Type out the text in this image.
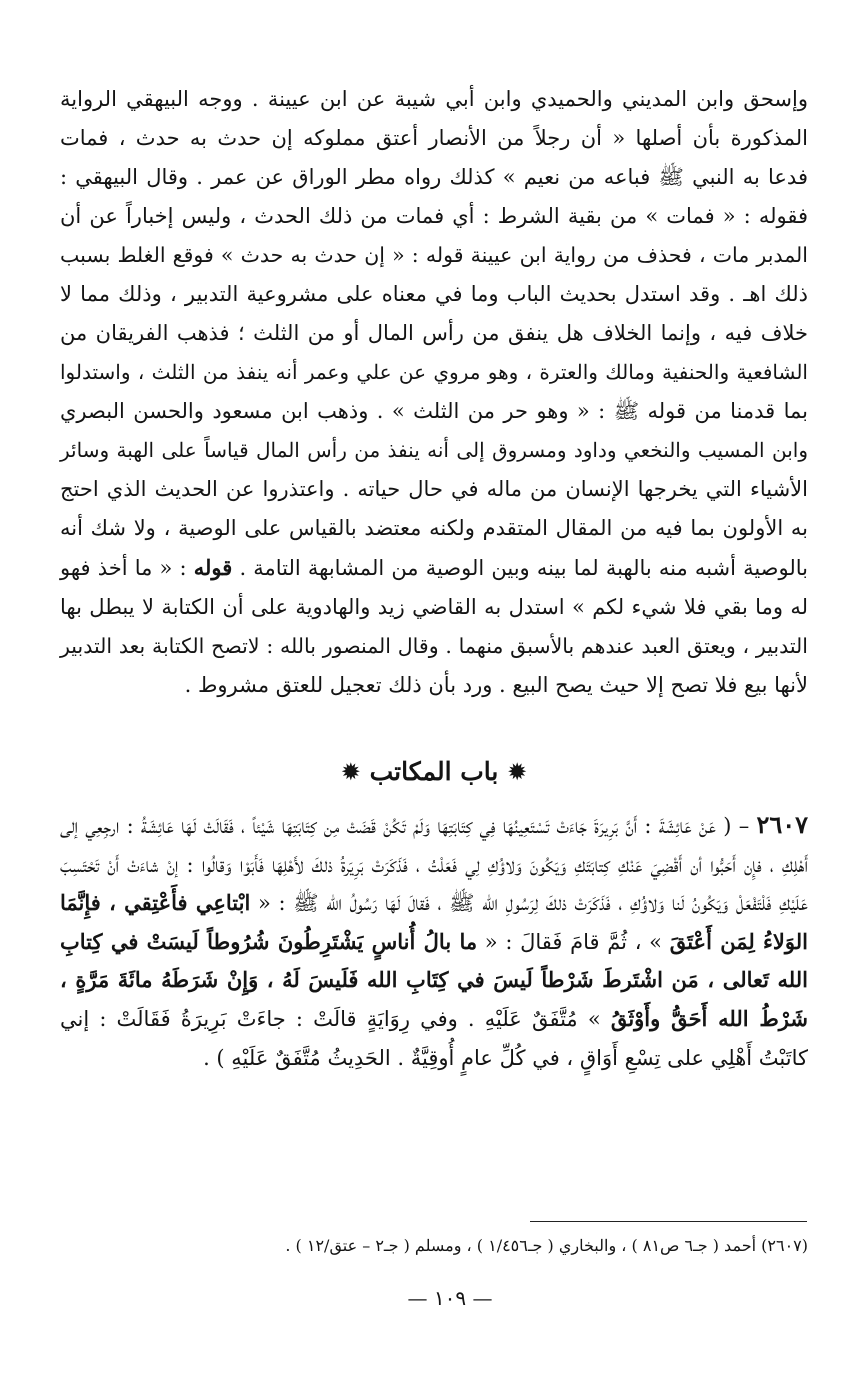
وإسحق وابن المديني والحميدي وابن أبي شيبة عن ابن عيينة . ووجه البيهقي الرواية
المذكورة بأن أصلها « أن رجلاً من الأنصار أعتق مملوكه إن حدث به حدث ، فمات
فدعا به النبي ﷺ فباعه من نعيم » كذلك رواه مطر الوراق عن عمر . وقال البيهقي :
فقوله : « فمات » من بقية الشرط : أي فمات من ذلك الحدث ، وليس إخباراً عن أن
المدبر مات ، فحذف من رواية ابن عيينة قوله : « إن حدث به حدث » فوقع الغلط بسبب
ذلك اهـ . وقد استدل بحديث الباب وما في معناه على مشروعية التدبير ، وذلك مما لا
خلاف فيه ، وإنما الخلاف هل ينفق من رأس المال أو من الثلث ؛ فذهب الفريقان من
الشافعية والحنفية ومالك والعترة ، وهو مروي عن علي وعمر أنه ينفذ من الثلث ، واستدلوا
بما قدمنا من قوله ﷺ : « وهو حر من الثلث » . وذهب ابن مسعود والحسن البصري
وابن المسيب والنخعي وداود ومسروق إلى أنه ينفذ من رأس المال قياساً على الهبة وسائر
الأشياء التي يخرجها الإنسان من ماله في حال حياته . واعتذروا عن الحديث الذي احتج
به الأولون بما فيه من المقال المتقدم ولكنه معتضد بالقياس على الوصية ، ولا شك أنه
بالوصية أشبه منه بالهبة لما بينه وبين الوصية من المشابهة التامة . قوله : « ما أخذ فهو
له وما بقي فلا شيء لكم » استدل به القاضي زيد والهادوية على أن الكتابة لا يبطل بها
التدبير ، ويعتق العبد عندهم بالأسبق منهما . وقال المنصور بالله : لاتصح الكتابة بعد التدبير
لأنها بيع فلا تصح إلا حيث يصح البيع . ورد بأن ذلك تعجيل للعتق مشروط .
✹ باب المكاتب ✹

٢٦٠٧ – ( عَنْ عَائِشَةَ : أَنَّ بَرِيرَةَ جَاءَتْ تَسْتَعِينُهَا فِي كِتَابَتِهَا وَلَمْ تَكُنْ قَضَتْ مِن كِتَابَتِهَا شَيْئاً ، فَقَالَتْ لَهَا عَائِشَةُ : ارجِعِي إلى أَهْلِكِ ، فإِن أَحَبُّوا أن أَقْضِيَ عَنْكِ كِتابَتَكِ وَيَكُونَ وَلاؤُكِ لِي فَعَلْتُ ، فَذَكَرَتْ بَرِيَرةُ ذلكَ لأَهْلِهَا فَأَبَوْا وَقالُوا : إنْ شاءَتْ أَنْ تَحْتَسِبَ عَلَيْكِ فَلْتَفْعَلْ وَيَكُونُ لَنا وَلاؤُكِ ، فَذَكَرَتْ ذلكَ لِرَسُولِ الله ﷺ ، فَقالَ لَهَا رَسُولُ الله ﷺ : « ابْتاعِي فأَعْتِقي ، فإِنَّمَا الوَلاءُ لِمَن أَعْتَقَ » ، ثُمَّ قامَ فَقالَ : « ما بالُ أُناسٍ يَشْتَرِطُونَ شُرُوطاً لَيسَتْ في كِتابِ الله تَعالى ، مَن اشْتَرطَ شَرْطاً لَيسَ في كِتَابِ الله فَلَيسَ لَهُ ، وَإِنْ شَرَطَهُ مائَةَ مَرَّةٍ ، شَرْطُ الله أَحَقُّ وأَوْثَقُ » مُتَّفَقٌ عَلَيْهِ . وفي رِوَايَةٍ قالَتْ : جاءَتْ بَرِيرَةُ فَقَالَتْ : إني كاتَبْتُ أَهْلِي على تِسْعِ أَوَاقٍ ، في كُلِّ عامٍ أُوقِيَّةٌ . الحَدِيثُ مُتَّفَقٌ عَلَيْهِ ) .

(٢٦٠٧) أحمد ( جـ٦ ص٨١ ) ، والبخاري ( جـ١/٤٥٦ ) ، ومسلم ( جـ٢ – عتق/١٢ ) .
— ١٠٩ —
